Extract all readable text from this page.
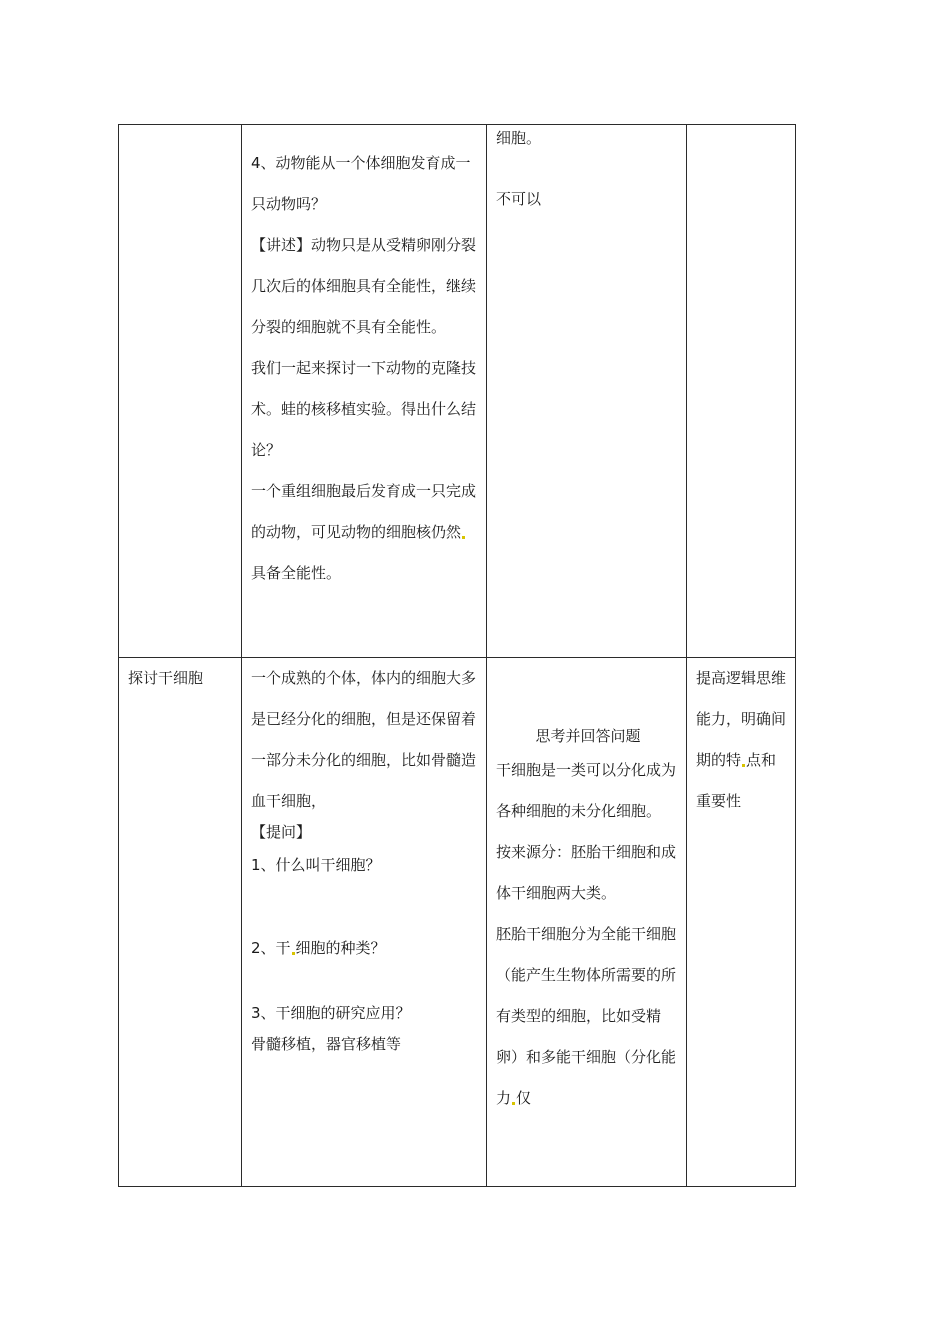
4、动物能从一个体细胞发育成一只动物吗？

【讲述】动物只是从受精卵刚分裂几次后的体细胞具有全能性，继续分裂的细胞就不具有全能性。

我们一起来探讨一下动物的克隆技术。蛙的核移植实验。得出什么结论？

一个重组细胞最后发育成一只完成的动物，可见动物的细胞核仍然具备全能性。

细胞。

不可以

探讨干细胞	一个成熟的个体，体内的细胞大多是已经分化的细胞，但是还保留着一部分未分化的细胞，比如骨髓造血干细胞，

【提问】

1、什么叫干细胞？

2、干 细胞的种类？

3、干细胞的研究应用？

骨髓移植，器官移植等

思考并回答问题

干细胞是一类可以分化成为各种细胞的未分化细胞。

按来源分：胚胎干细胞和成体干细胞两大类。

胚胎干细胞分为全能干细胞（能产生生物体所需要的所有类型的细胞，比如受精卵）和多能干细胞（分化能力 仅

提高逻辑思维能力，明确间期的特 点和重要性
